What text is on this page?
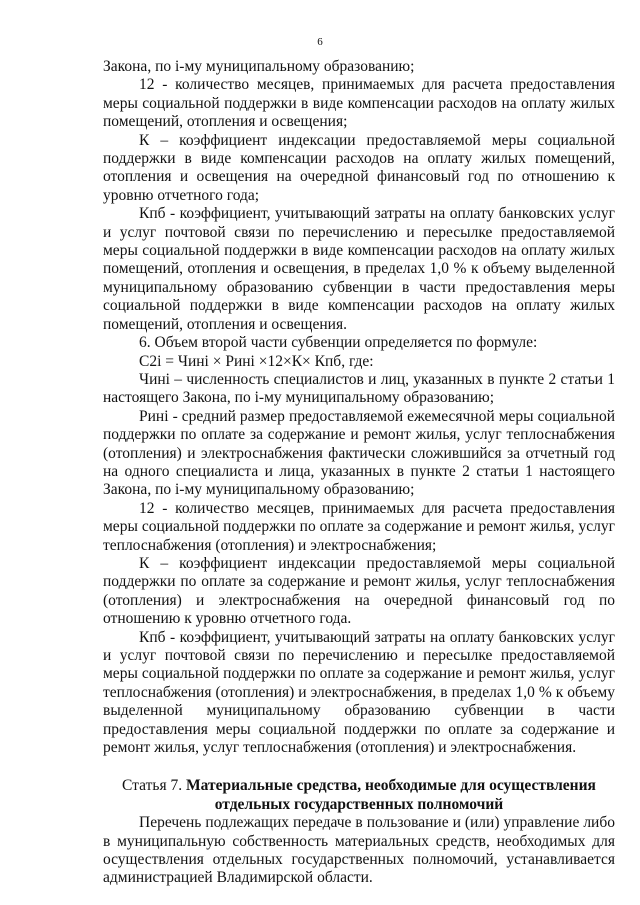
6

Закона, по i-му муниципальному образованию;

12 - количество месяцев, принимаемых для расчета предоставления меры социальной поддержки в виде компенсации расходов на оплату жилых помещений, отопления и освещения;

К – коэффициент индексации предоставляемой меры социальной поддержки в виде компенсации расходов на оплату жилых помещений, отопления и освещения на очередной финансовый год по отношению к уровню отчетного года;

Кпб - коэффициент, учитывающий затраты на оплату банковских услуг и услуг почтовой связи по перечислению и пересылке предоставляемой меры социальной поддержки в виде компенсации расходов на оплату жилых помещений, отопления и освещения, в пределах 1,0 % к объему выделенной муниципальному образованию субвенции в части предоставления меры социальной поддержки в виде компенсации расходов на оплату жилых помещений, отопления и освещения.

6. Объем второй части субвенции определяется по формуле:

С2i = Чині × Рині ×12×К× Кпб, где:

Чині – численность специалистов и лиц, указанных в пункте 2 статьи 1 настоящего Закона, по i-му муниципальному образованию;

Рині - средний размер предоставляемой ежемесячной меры социальной поддержки по оплате за содержание и ремонт жилья, услуг теплоснабжения (отопления) и электроснабжения фактически сложившийся за отчетный год на одного специалиста и лица, указанных в пункте 2 статьи 1 настоящего Закона, по i-му муниципальному образованию;

12 - количество месяцев, принимаемых для расчета предоставления меры социальной поддержки по оплате за содержание и ремонт жилья, услуг теплоснабжения (отопления) и электроснабжения;

К – коэффициент индексации предоставляемой меры социальной поддержки по оплате за содержание и ремонт жилья, услуг теплоснабжения (отопления) и электроснабжения на очередной финансовый год по отношению к уровню отчетного года.

Кпб - коэффициент, учитывающий затраты на оплату банковских услуг и услуг почтовой связи по перечислению и пересылке предоставляемой меры социальной поддержки по оплате за содержание и ремонт жилья, услуг теплоснабжения (отопления) и электроснабжения, в пределах 1,0 % к объему выделенной муниципальному образованию субвенции в части предоставления меры социальной поддержки по оплате за содержание и ремонт жилья, услуг теплоснабжения (отопления) и электроснабжения.

Статья 7. Материальные средства, необходимые для осуществления отдельных государственных полномочий

Перечень подлежащих передаче в пользование и (или) управление либо в муниципальную собственность материальных средств, необходимых для осуществления отдельных государственных полномочий, устанавливается администрацией Владимирской области.
